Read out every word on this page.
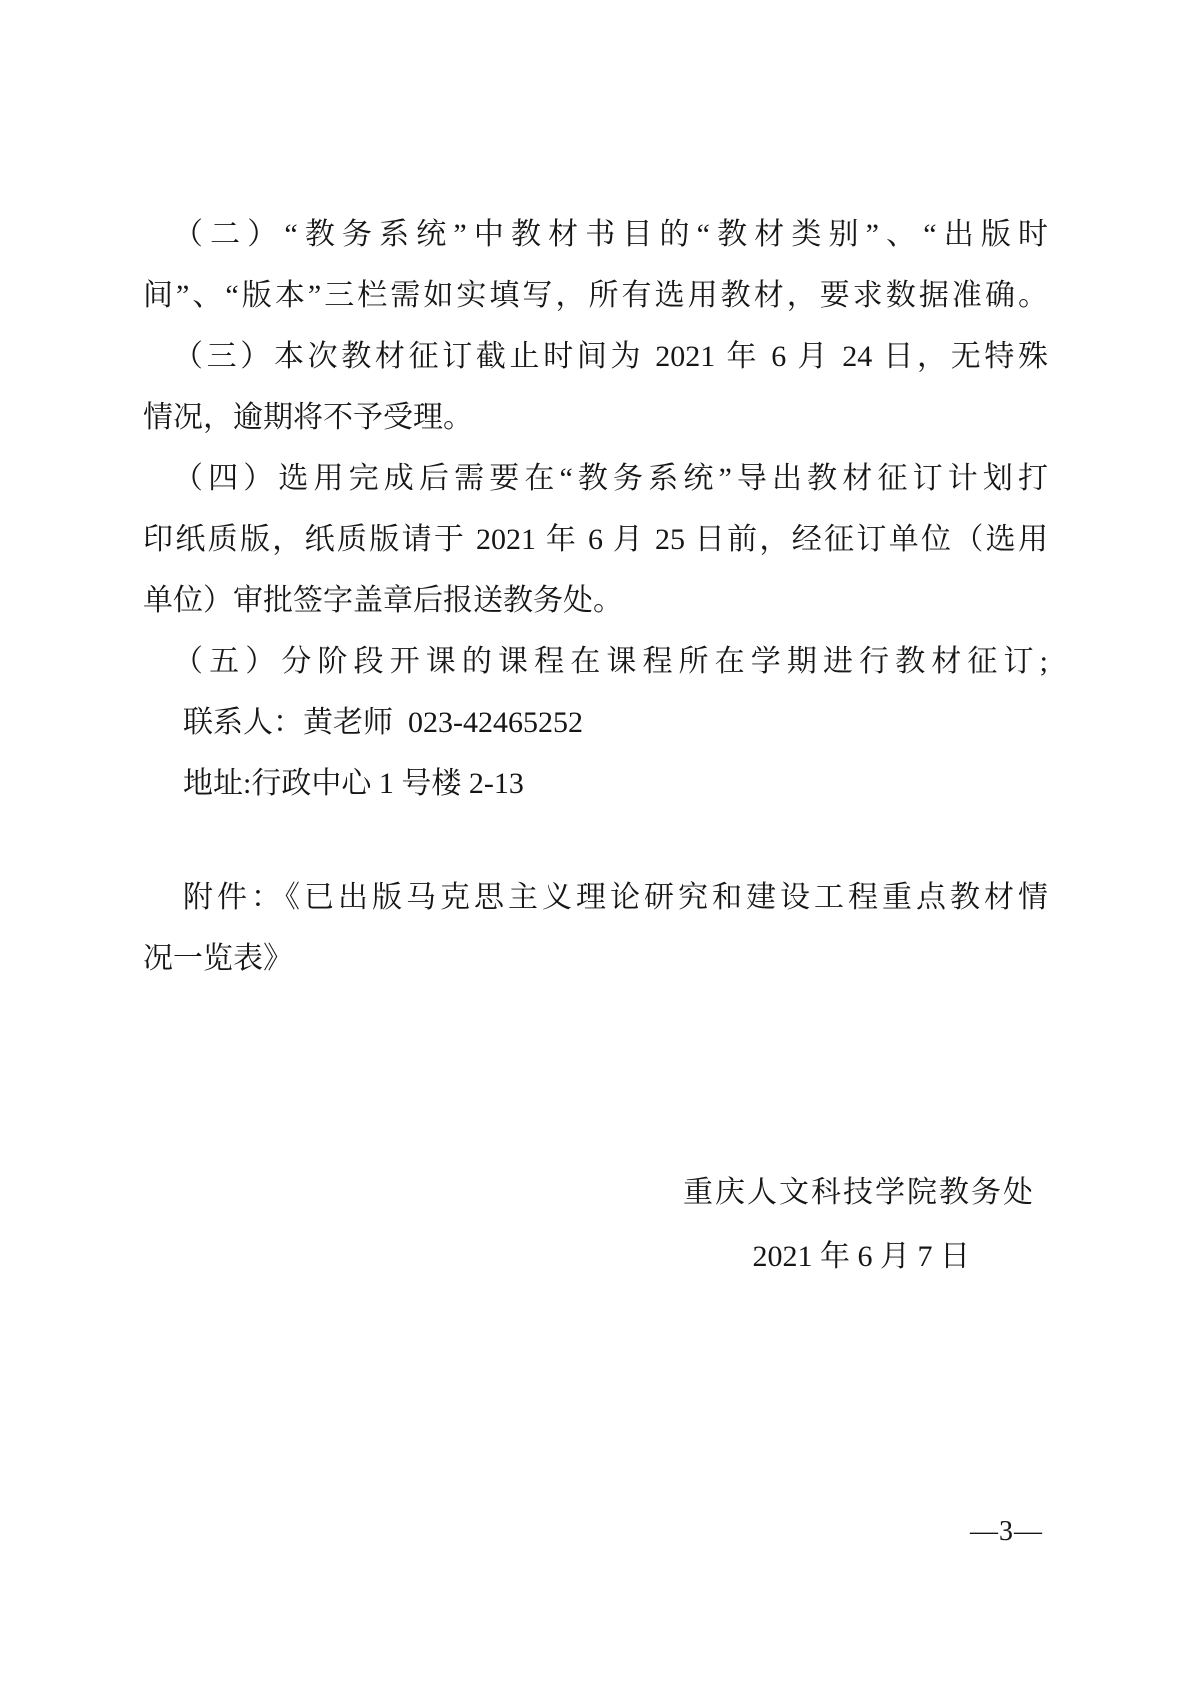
（二）“教务系统”中教材书目的“教材类别”、“出版时
间”、“版本”三栏需如实填写，所有选用教材，要求数据准确。
（三）本次教材征订截止时间为 2021 年 6 月 24 日，无特殊
情况，逾期将不予受理。
（四）选用完成后需要在“教务系统”导出教材征订计划打
印纸质版，纸质版请于 2021 年 6 月 25 日前，经征订单位（选用
单位）审批签字盖章后报送教务处。
（五）分阶段开课的课程在课程所在学期进行教材征订;
联系人：黄老师  023-42465252
地址:行政中心 1 号楼 2-13
附件：《已出版马克思主义理论研究和建设工程重点教材情
况一览表》
重庆人文科技学院教务处
2021 年 6 月 7 日
—3—
